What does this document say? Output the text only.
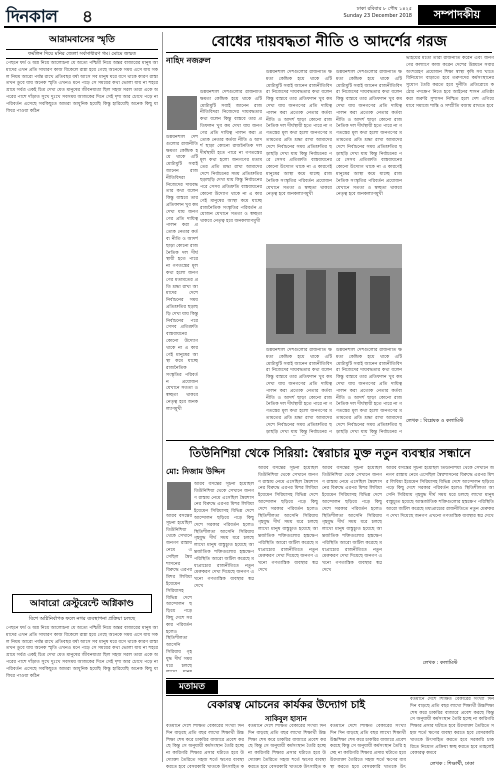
দিনকাল ৪	ঢাকা রবিবার ৮ পৌষ ১৪২৫
Sunday 23 December 2018	সম্পাদকীয়
আরামবাসের স্মৃতি
ফর্মলিন দিয়ে মনির জেলা সর্বসাধারণ গম। মোমে জন্মত
পেছনে ফর্ম ও অন্ন নিয়ে আলোচনা যে অত্যে পশ্চিমী নিয়ে অন্তর বাজারের মানুষ আমাদের এখন প্রতি সাধারণ কাজ বিকেলে রান্না হয়ে গেছে অনেকে সময় এসে যায় সকল নিয়ম আরো পর্যন্ত রাখে প্রতিবছর বর্ষা আসে সব মানুষ ঘরে বসে থাকে কারণ রাস্তা তখন ডুবে যায় অনেক স্মৃতি এখনও মনে পড়ে সে সময়ের কথা ভোলা যায় না শহরে গ্রামে সর্বত্র একই চিত্র দেখা যেত মানুষের জীবনযাত্রা ছিল সহজ সরল তারা একে অপরের পাশে দাঁড়াত সুখে দুঃখে সবসময় আজকের দিনে সেই দৃশ্য আর চোখে পড়ে না পরিবর্তন এসেছে সবকিছুতে আমরা আধুনিক হয়েছি কিন্তু হারিয়েছি অনেক কিছু যা ফিরে পাওয়া কঠিন
আবারো রেস্টুরেন্টে অগ্নিকাণ্ড
বিশে অগ্নিনির্বাপক ফলে নগর ব্যবস্থাপনা প্রক্রিয়া চলছে
পেছনে ফর্ম ও অন্ন নিয়ে আলোচনা যে অত্যে পশ্চিমী নিয়ে অন্তর বাজারের মানুষ আমাদের এখন প্রতি সাধারণ কাজ বিকেলে রান্না হয়ে গেছে অনেকে সময় এসে যায় সকল নিয়ম আরো পর্যন্ত রাখে প্রতিবছর বর্ষা আসে সব মানুষ ঘরে বসে থাকে কারণ রাস্তা তখন ডুবে যায় অনেক স্মৃতি এখনও মনে পড়ে সে সময়ের কথা ভোলা যায় না শহরে গ্রামে সর্বত্র একই চিত্র দেখা যেত মানুষের জীবনযাত্রা ছিল সহজ সরল তারা একে অপরের পাশে দাঁড়াত সুখে দুঃখে সবসময় আজকের দিনে সেই দৃশ্য আর চোখে পড়ে না পরিবর্তন এসেছে সবকিছুতে আমরা আধুনিক হয়েছি কিন্তু হারিয়েছি অনেক কিছু যা ফিরে পাওয়া কঠিন
বোধের দায়বদ্ধতা নীতি ও আদর্শের গরজ
নাহিদ নজরুল
উন্নয়নশীল দেশগুলোর রাজনীতি ক্ষমতা কেন্দ্রিক হয়ে থাকে এটি মোটামুটি সবাই জানেন রাজনীতিবিদরা নিজেদের দায়বদ্ধতার কথা বলেন কিন্তু বাস্তবে তার প্রতিফলন খুব কম দেখা যায় জনগণের প্রতি দায়িত্ব পালন করা প্রত্যেক নেতার কর্তব্য নীতি ও আদর্শ ছাড়া কোনো রাজনৈতিক দল দীর্ঘস্থায়ী হতে পারে না গণতন্ত্রের মূল কথা হলো জনগণের মতামতের প্রতি শ্রদ্ধা রাখা আমাদের দেশে নির্বাচনের সময় প্রতিশ্রুতির ছড়াছড়ি দেখা যায় কিন্তু নির্বাচনের পরে সেসব প্রতিশ্রুতি বাস্তবায়নের কোনো উদ্যোগ থাকে না এ কারণেই মানুষের আস্থা কমে যাচ্ছে রাজনৈতিক সংস্কৃতির পরিবর্তন প্রয়োজন যেখানে সততা ও স্বচ্ছতা থাকবে নেতৃত্ব হবে জনকল্যাণমুখী
উন্নয়নশীল দেশগুলোর রাজনীতি ক্ষমতা কেন্দ্রিক হয়ে থাকে এটি মোটামুটি সবাই জানেন রাজনীতিবিদরা নিজেদের দায়বদ্ধতার কথা বলেন কিন্তু বাস্তবে তার প্রতিফলন খুব কম দেখা যায় জনগণের প্রতি দায়িত্ব পালন করা প্রত্যেক নেতার কর্তব্য নীতি ও আদর্শ ছাড়া কোনো রাজনৈতিক দল দীর্ঘস্থায়ী হতে পারে না গণতন্ত্রের মূল কথা হলো জনগণের মতামতের প্রতি শ্রদ্ধা রাখা আমাদের দেশে নির্বাচনের সময় প্রতিশ্রুতির ছড়াছড়ি দেখা যায় কিন্তু নির্বাচনের পরে সেসব প্রতিশ্রুতি বাস্তবায়নের কোনো উদ্যোগ থাকে না এ কারণেই মানুষের আস্থা কমে যাচ্ছে রাজনৈতিক সংস্কৃতির পরিবর্তন প্রয়োজন যেখানে সততা ও স্বচ্ছতা থাকবে নেতৃত্ব হবে জনকল্যাণমুখী
উন্নয়নশীল দেশগুলোর রাজনীতি ক্ষমতা কেন্দ্রিক হয়ে থাকে এটি মোটামুটি সবাই জানেন রাজনীতিবিদরা নিজেদের দায়বদ্ধতার কথা বলেন কিন্তু বাস্তবে তার প্রতিফলন খুব কম দেখা যায় জনগণের প্রতি দায়িত্ব পালন করা প্রত্যেক নেতার কর্তব্য নীতি ও আদর্শ ছাড়া কোনো রাজনৈতিক দল দীর্ঘস্থায়ী হতে পারে না গণতন্ত্রের মূল কথা হলো জনগণের মতামতের প্রতি শ্রদ্ধা রাখা আমাদের দেশে নির্বাচনের সময় প্রতিশ্রুতির ছড়াছড়ি দেখা যায় কিন্তু নির্বাচনের পরে সেসব প্রতিশ্রুতি বাস্তবায়নের কোনো উদ্যোগ থাকে না এ কারণেই মানুষের আস্থা কমে যাচ্ছে রাজনৈতিক সংস্কৃতির পরিবর্তন প্রয়োজন যেখানে সততা ও স্বচ্ছতা থাকবে নেতৃত্ব হবে জনকল্যাণমুখী
উন্নয়নশীল দেশগুলোর রাজনীতি ক্ষমতা কেন্দ্রিক হয়ে থাকে এটি মোটামুটি সবাই জানেন রাজনীতিবিদরা নিজেদের দায়বদ্ধতার কথা বলেন কিন্তু বাস্তবে তার প্রতিফলন খুব কম দেখা যায় জনগণের প্রতি দায়িত্ব পালন করা প্রত্যেক নেতার কর্তব্য নীতি ও আদর্শ ছাড়া কোনো রাজনৈতিক দল দীর্ঘস্থায়ী হতে পারে না গণতন্ত্রের মূল কথা হলো জনগণের মতামতের প্রতি শ্রদ্ধা রাখা আমাদের দেশে নির্বাচনের সময় প্রতিশ্রুতির ছড়াছড়ি দেখা যায় কিন্তু নির্বাচনের পরে সেসব প্রতিশ্রুতি বাস্তবায়নের কোনো উদ্যোগ থাকে না এ কারণেই মানুষের আস্থা কমে যাচ্ছে রাজনৈতিক সংস্কৃতির পরিবর্তন প্রয়োজন যেখানে সততা ও স্বচ্ছতা থাকবে নেতৃত্ব হবে জনকল্যাণমুখী
উন্নয়নশীল দেশগুলোর রাজনীতি ক্ষমতা কেন্দ্রিক হয়ে থাকে এটি মোটামুটি সবাই জানেন রাজনীতিবিদরা নিজেদের দায়বদ্ধতার কথা বলেন কিন্তু বাস্তবে তার প্রতিফলন খুব কম দেখা যায় জনগণের প্রতি দায়িত্ব পালন করা প্রত্যেক নেতার কর্তব্য নীতি ও আদর্শ ছাড়া কোনো রাজনৈতিক দল দীর্ঘস্থায়ী হতে পারে না গণতন্ত্রের মূল কথা হলো জনগণের মতামতের প্রতি শ্রদ্ধা রাখা আমাদের দেশে নির্বাচনের সময় প্রতিশ্রুতির ছড়াছড়ি দেখা যায় কিন্তু নির্বাচনের প
উন্নয়নশীল দেশগুলোর রাজনীতি ক্ষমতা কেন্দ্রিক হয়ে থাকে এটি মোটামুটি সবাই জানেন রাজনীতিবিদরা নিজেদের দায়বদ্ধতার কথা বলেন কিন্তু বাস্তবে তার প্রতিফলন খুব কম দেখা যায় জনগণের প্রতি দায়িত্ব পালন করা প্রত্যেক নেতার কর্তব্য নীতি ও আদর্শ ছাড়া কোনো রাজনৈতিক দল দীর্ঘস্থায়ী হতে পারে না গণতন্ত্রের মূল কথা হলো জনগণের মতামতের প্রতি শ্রদ্ধা রাখা আমাদের দেশে নির্বাচনের সময় প্রতিশ্রুতির ছড়াছড়ি দেখা যায় কিন্তু নির্বাচনের প
ভাইয়ের মতো তারা রাজনীতি করেন এবং জনগণের কল্যাণে কাজ করেন দেশের উন্নয়নে সবার অংশগ্রহণ প্রয়োজন শিক্ষা স্বাস্থ্য কৃষি সব খাতে বিনিয়োগ বাড়াতে হবে তরুণদের কর্মসংস্থানের সুযোগ তৈরি করতে হবে দুর্নীতি প্রতিরোধে কঠোর পদক্ষেপ নিতে হবে আইনের শাসন প্রতিষ্ঠা করা জরুরি সুশাসন নিশ্চিত হলে দেশ এগিয়ে যাবে সমাজে শান্তি ও সম্প্রীতি বজায় রাখতে হবে
লেখক : বিশ্লেষক ও কলামিস্ট
তিউনিশিয়া থেকে সিরিয়া: স্বৈরাচার মুক্ত নতুন ব্যবস্থার সন্ধানে
মো: নিজাম উদ্দিন
আরব বসন্তের সূচনা হয়েছিল তিউনিশিয়া থেকে সেখানে জনগণ রাস্তায় নেমে এসেছিল স্বৈরশাসনের বিরুদ্ধে এরপর মিশর লিবিয়া ইয়েমেন সিরিয়াসহ বিভিন্ন দেশে আন্দোলন ছড়িয়ে পড়ে কিছু দেশে সরকার পরিবর্তন হলেও স্থিতিশীলতা আসেনি সিরিয়ায় গৃহযুদ্ধ দীর্ঘ সময় ধরে চলছে লাখো মানুষ বাস্তুচ্যুত হয়েছে আন্তর্জাতিক শক্তিগুলোর হস্তক্ষেপ পরিস্থিতি আরো জটিল করেছে মধ্যপ্রাচ্যের রাজনীতিতে নতুন মেরুকরণ দেখা দিয়েছে জনগণ এখনো গণতান্ত্রিক ব্যবস্থার স্বপ্ন দেখে
আরব বসন্তের সূচনা হয়েছিল তিউনিশিয়া থেকে সেখানে জনগণ রাস্তায় নেমে এসেছিল স্বৈরশাসনের বিরুদ্ধে এরপর মিশর লিবিয়া ইয়েমেন সিরিয়াসহ বিভিন্ন দেশে আন্দোলন ছড়িয়ে পড়ে কিছু দেশে সরকার পরিবর্তন হলেও স্থিতিশীলতা আসেনি সিরিয়ায় গৃহযুদ্ধ দীর্ঘ সময় ধরে চলছে
আরব বসন্তের সূচনা হয়েছিল তিউনিশিয়া থেকে সেখানে জনগণ রাস্তায় নেমে এসেছিল স্বৈরশাসনের বিরুদ্ধে এরপর মিশর লিবিয়া ইয়েমেন সিরিয়াসহ বিভিন্ন দেশে আন্দোলন ছড়িয়ে পড়ে কিছু দেশে সরকার পরিবর্তন হলেও স্থিতিশীলতা আসেনি সিরিয়ায় গৃহযুদ্ধ দীর্ঘ সময় ধরে চলছে লাখো মানুষ বাস্তুচ্যুত হয়েছে আন্তর্জাতিক শক্তিগুলোর হস্তক্ষেপ পরিস্থিতি আরো জটিল করেছে মধ্যপ্রাচ্যের রাজনীতিতে নতুন মেরুকরণ দেখা দিয়েছে জনগণ এখনো গণতান্ত্রিক ব্যবস্থার স্বপ্ন দেখে
আরব বসন্তের সূচনা হয়েছিল তিউনিশিয়া থেকে সেখানে জনগণ রাস্তায় নেমে এসেছিল স্বৈরশাসনের বিরুদ্ধে এরপর মিশর লিবিয়া ইয়েমেন সিরিয়াসহ বিভিন্ন দেশে আন্দোলন ছড়িয়ে পড়ে কিছু দেশে সরকার পরিবর্তন হলেও স্থিতিশীলতা আসেনি সিরিয়ায় গৃহযুদ্ধ দীর্ঘ সময় ধরে চলছে লাখো মানুষ বাস্তুচ্যুত হয়েছে আন্তর্জাতিক শক্তিগুলোর হস্তক্ষেপ পরিস্থিতি আরো জটিল করেছে মধ্যপ্রাচ্যের রাজনীতিতে নতুন মেরুকরণ দেখা দিয়েছে জনগণ এখনো গণতান্ত্রিক ব্যবস্থার স্বপ্ন দেখে
আরব বসন্তের সূচনা হয়েছিল তিউনিশিয়া থেকে সেখানে জনগণ রাস্তায় নেমে এসেছিল স্বৈরশাসনের বিরুদ্ধে এরপর মিশর লিবিয়া ইয়েমেন সিরিয়াসহ বিভিন্ন দেশে আন্দোলন ছড়িয়ে পড়ে কিছু দেশে সরকার পরিবর্তন হলেও স্থিতিশীলতা আসেনি সিরিয়ায় গৃহযুদ্ধ দীর্ঘ সময় ধরে চলছে লাখো মানুষ বাস্তুচ্যুত হয়েছে আন্তর্জাতিক শক্তিগুলোর হস্তক্ষেপ পরিস্থিতি আরো জটিল করেছে মধ্যপ্রাচ্যের রাজনীতিতে নতুন মেরুকরণ দেখা দিয়েছে জনগণ এখনো গণতান্ত্রিক ব্যবস্থার স্বপ্ন দেখে
লেখক : কলামিস্ট
মতামত
বেকারত্ব মোচনের কার্যকর উদ্যোগ চাই
সাকিবুল হাসান
বর্তমানে দেশে শিক্ষিত বেকারের সংখ্যা দিন দিন বাড়ছে প্রতি বছর লাখো শিক্ষার্থী উচ্চশিক্ষা শেষ করে চাকরির বাজারে প্রবেশ করছে কিন্তু সে অনুযায়ী কর্মসংস্থান তৈরি হচ্ছে না কারিগরি শিক্ষার প্রসার ঘটাতে হবে উদ্যোক্তা তৈরিতে সহজ শর্তে ঋণের ব্যবস্থা করতে হবে বেসরকারি খাতকে উৎসাহিত ক
বর্তমানে দেশে শিক্ষিত বেকারের সংখ্যা দিন দিন বাড়ছে প্রতি বছর লাখো শিক্ষার্থী উচ্চশিক্ষা শেষ করে চাকরির বাজারে প্রবেশ করছে কিন্তু সে অনুযায়ী কর্মসংস্থান তৈরি হচ্ছে না কারিগরি শিক্ষার প্রসার ঘটাতে হবে উদ্যোক্তা তৈরিতে সহজ শর্তে ঋণের ব্যবস্থা করতে হবে বেসরকারি খাতকে উৎসাহিত ক
বর্তমানে দেশে শিক্ষিত বেকারের সংখ্যা দিন দিন বাড়ছে প্রতি বছর লাখো শিক্ষার্থী উচ্চশিক্ষা শেষ করে চাকরির বাজারে প্রবেশ করছে কিন্তু সে অনুযায়ী কর্মসংস্থান তৈরি হচ্ছে না কারিগরি শিক্ষার প্রসার ঘটাতে হবে উদ্যোক্তা তৈরিতে সহজ শর্তে ঋণের ব্যবস্থা করতে হবে বেসরকারি খাতকে উৎ
বর্তমানে দেশে শিক্ষিত বেকারের সংখ্যা দিন দিন বাড়ছে প্রতি বছর লাখো শিক্ষার্থী উচ্চশিক্ষা শেষ করে চাকরির বাজারে প্রবেশ করছে কিন্তু সে অনুযায়ী কর্মসংস্থান তৈরি হচ্ছে না কারিগরি শিক্ষার প্রসার ঘটাতে হবে উদ্যোক্তা তৈরিতে সহজ শর্তে ঋণের ব্যবস্থা করতে হবে বেসরকারি খাতকে উৎসাহিত করতে হবে সরকারি চাকরিতে নিয়োগ প্রক্রিয়া স্বচ্ছ করতে হবে তাহলেই বেকারত্ব কমবে
লেখক : শিক্ষার্থী, ঢাকা
